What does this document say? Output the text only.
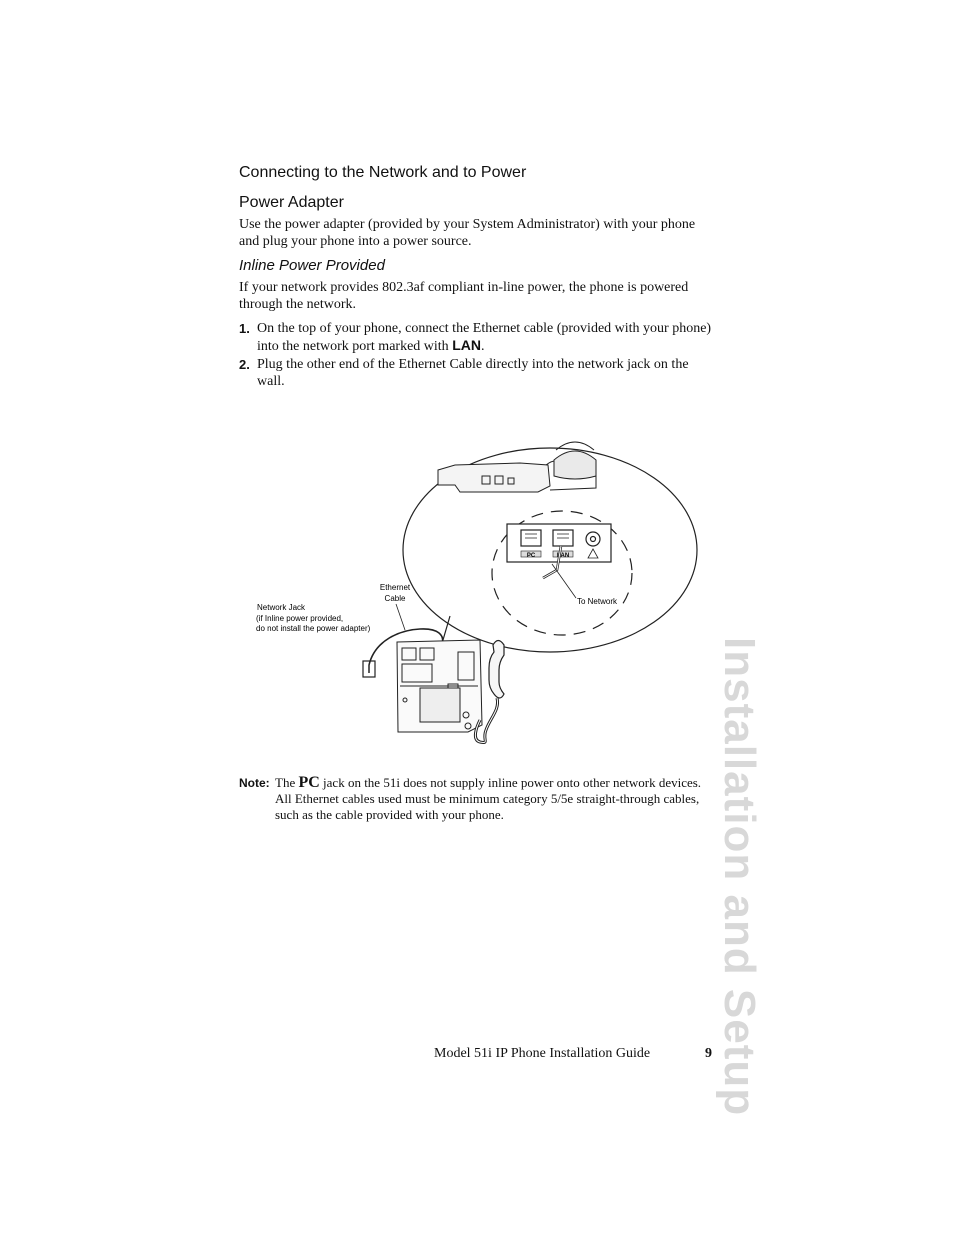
Connecting to the Network and to Power
Power Adapter
Use the power adapter (provided by your System Administrator) with your phone and plug your phone into a power source.
Inline Power Provided
If your network provides 802.3af compliant in-line power, the phone is powered through the network.
1. On the top of your phone, connect the Ethernet cable (provided with your phone) into the network port marked with LAN.
2. Plug the other end of the Ethernet Cable directly into the network jack on the wall.
PC	LAN
Ethernet
Cable	To Network
Network Jack
(if Inline power provided,
do not install the power adapter)
Note: The PC jack on the 51i does not supply inline power onto other network devices. All Ethernet cables used must be minimum category 5/5e straight-through cables, such as the cable provided with your phone.	Installation and Setup
Model 51i IP Phone Installation Guide	9
